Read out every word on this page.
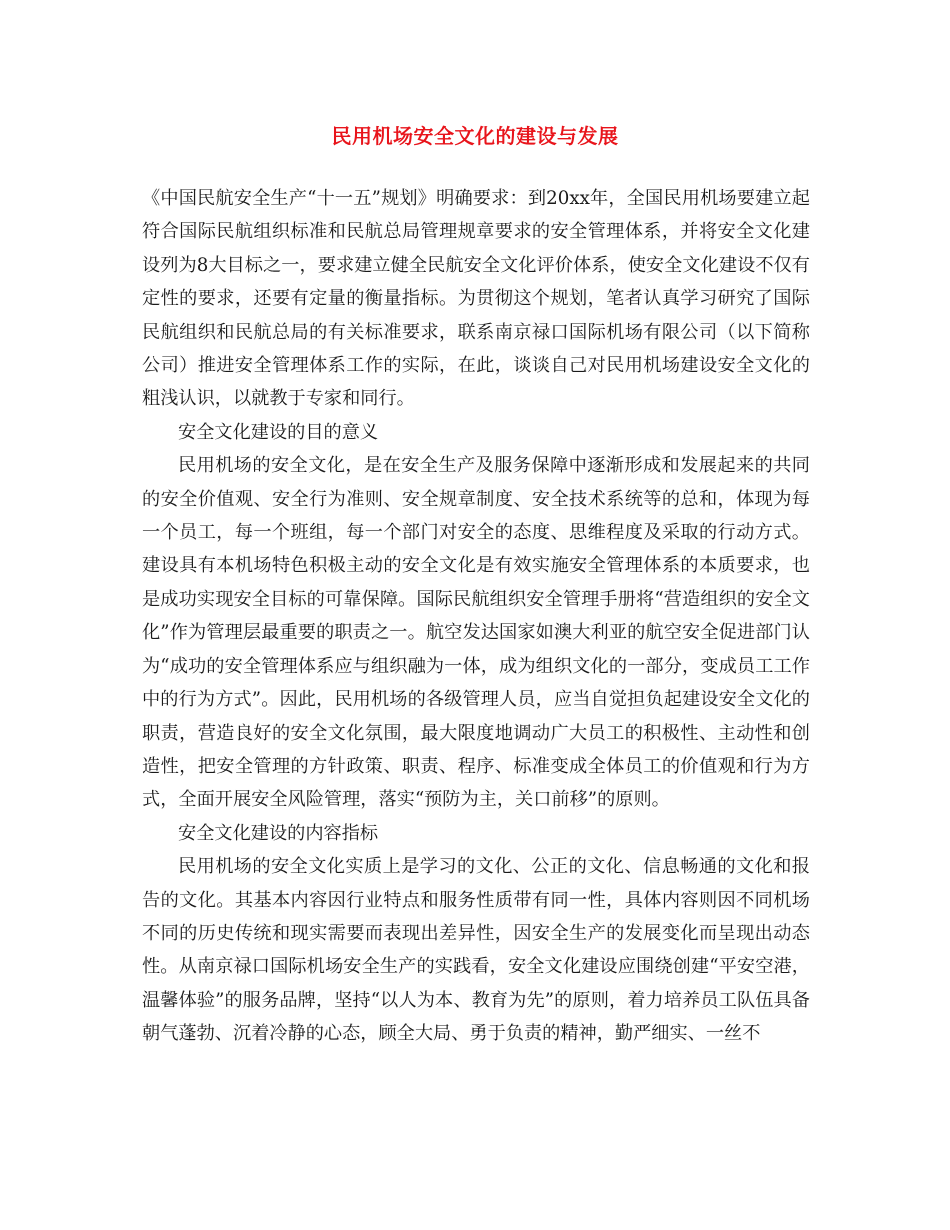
民用机场安全文化的建设与发展

《中国民航安全生产“十一五”规划》明确要求：到20xx年，全国民用机场要建立起符合国际民航组织标准和民航总局管理规章要求的安全管理体系，并将安全文化建设列为8大目标之一，要求建立健全民航安全文化评价体系，使安全文化建设不仅有定性的要求，还要有定量的衡量指标。为贯彻这个规划，笔者认真学习研究了国际民航组织和民航总局的有关标准要求，联系南京禄口国际机场有限公司（以下简称公司）推进安全管理体系工作的实际，在此，谈谈自己对民用机场建设安全文化的粗浅认识，以就教于专家和同行。

安全文化建设的目的意义

民用机场的安全文化，是在安全生产及服务保障中逐渐形成和发展起来的共同的安全价值观、安全行为准则、安全规章制度、安全技术系统等的总和，体现为每一个员工，每一个班组，每一个部门对安全的态度、思维程度及采取的行动方式。建设具有本机场特色积极主动的安全文化是有效实施安全管理体系的本质要求，也是成功实现安全目标的可靠保障。国际民航组织安全管理手册将“营造组织的安全文化”作为管理层最重要的职责之一。航空发达国家如澳大利亚的航空安全促进部门认为“成功的安全管理体系应与组织融为一体，成为组织文化的一部分，变成员工工作中的行为方式”。因此，民用机场的各级管理人员，应当自觉担负起建设安全文化的职责，营造良好的安全文化氛围，最大限度地调动广大员工的积极性、主动性和创造性，把安全管理的方针政策、职责、程序、标准变成全体员工的价值观和行为方式，全面开展安全风险管理，落实“预防为主，关口前移”的原则。

安全文化建设的内容指标

民用机场的安全文化实质上是学习的文化、公正的文化、信息畅通的文化和报告的文化。其基本内容因行业特点和服务性质带有同一性，具体内容则因不同机场不同的历史传统和现实需要而表现出差异性，因安全生产的发展变化而呈现出动态性。从南京禄口国际机场安全生产的实践看，安全文化建设应围绕创建“平安空港，温馨体验”的服务品牌，坚持“以人为本、教育为先”的原则，着力培养员工队伍具备朝气蓬勃、沉着冷静的心态，顾全大局、勇于负责的精神，勤严细实、一丝不
